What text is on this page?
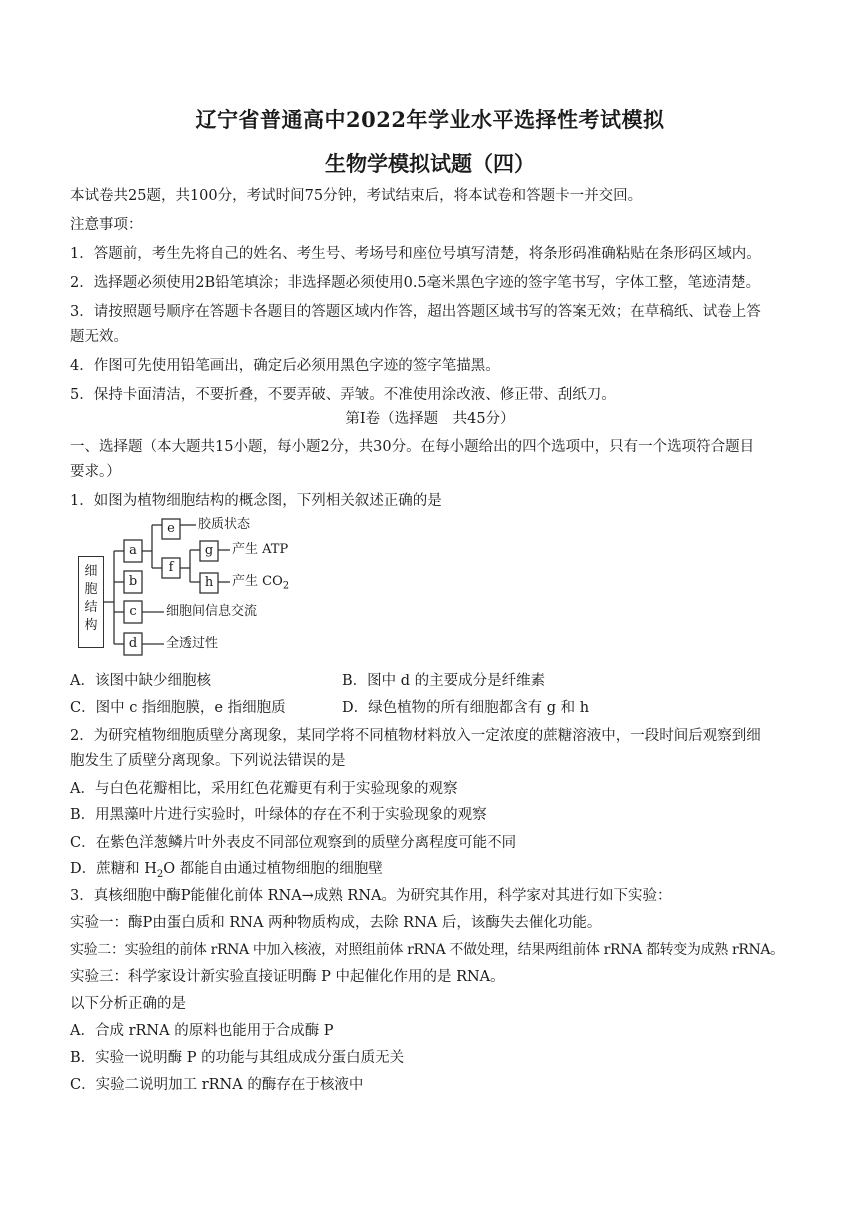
辽宁省普通高中2022年学业水平选择性考试模拟
生物学模拟试题（四）
本试卷共25题，共100分，考试时间75分钟，考试结束后，将本试卷和答题卡一并交回。
注意事项：
1．答题前，考生先将自己的姓名、考生号、考场号和座位号填写清楚，将条形码准确粘贴在条形码区域内。
2．选择题必须使用2B铅笔填涂；非选择题必须使用0.5毫米黑色字迹的签字笔书写，字体工整，笔迹清楚。
3．请按照题号顺序在答题卡各题目的答题区域内作答，超出答题区域书写的答案无效；在草稿纸、试卷上答
题无效。
4．作图可先使用铅笔画出，确定后必须用黑色字迹的签字笔描黑。
5．保持卡面清洁，不要折叠，不要弄破、弄皱。不准使用涂改液、修正带、刮纸刀。
第Ⅰ卷（选择题　共45分）
一、选择题（本大题共15小题，每小题2分，共30分。在每小题给出的四个选项中，只有一个选项符合题目
要求。）
1．如图为植物细胞结构的概念图，下列相关叙述正确的是
细
胞
结
构
a
b
c
d
e
f
g
h
胶质状态
产生 ATP
产生 $CO_2$
细胞间信息交流
全透过性
A．该图中缺少细胞核	B．图中 d 的主要成分是纤维素
C．图中 c 指细胞膜，e 指细胞质	D．绿色植物的所有细胞都含有 g 和 h
2．为研究植物细胞质壁分离现象，某同学将不同植物材料放入一定浓度的蔗糖溶液中，一段时间后观察到细
胞发生了质壁分离现象。下列说法错误的是
A．与白色花瓣相比，采用红色花瓣更有利于实验现象的观察
B．用黑藻叶片进行实验时，叶绿体的存在不利于实验现象的观察
C．在紫色洋葱鳞片叶外表皮不同部位观察到的质壁分离程度可能不同
D．蔗糖和 $H_2O$ 都能自由通过植物细胞的细胞壁
3．真核细胞中酶P能催化前体 RNA→成熟 RNA。为研究其作用，科学家对其进行如下实验：
实验一：酶P由蛋白质和 RNA 两种物质构成，去除 RNA 后，该酶失去催化功能。
实验二：实验组的前体 rRNA 中加入核液，对照组前体 rRNA 不做处理，结果两组前体 rRNA 都转变为成熟 rRNA。
实验三：科学家设计新实验直接证明酶 P 中起催化作用的是 RNA。
以下分析正确的是
A．合成 rRNA 的原料也能用于合成酶 P
B．实验一说明酶 P 的功能与其组成成分蛋白质无关
C．实验二说明加工 rRNA 的酶存在于核液中
